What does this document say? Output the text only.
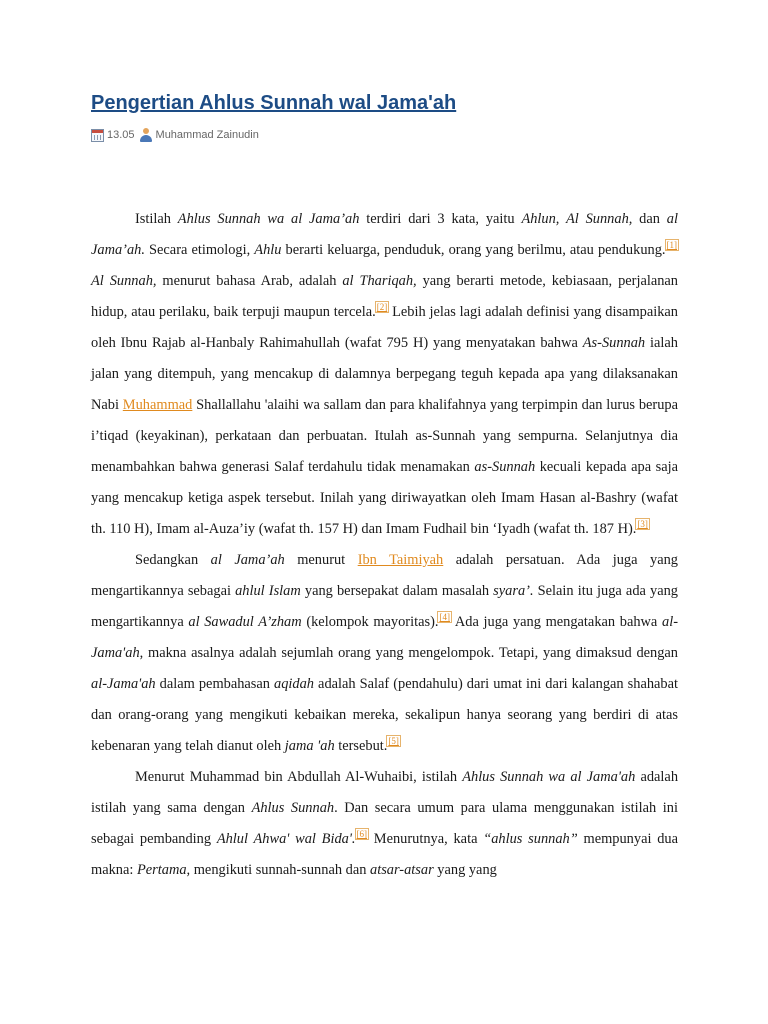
Pengertian Ahlus Sunnah wal Jama'ah
13.05 Muhammad Zainudin

Istilah Ahlus Sunnah wa al Jama’ah terdiri dari 3 kata, yaitu Ahlun, Al Sunnah, dan al Jama’ah. Secara etimologi, Ahlu berarti keluarga, penduduk, orang yang berilmu, atau pendukung.[1] Al Sunnah, menurut bahasa Arab, adalah al Thariqah, yang berarti metode, kebiasaan, perjalanan hidup, atau perilaku, baik terpuji maupun tercela.[2] Lebih jelas lagi adalah definisi yang disampaikan oleh Ibnu Rajab al-Hanbaly Rahimahullah (wafat 795 H) yang menyatakan bahwa As-Sunnah ialah jalan yang ditempuh, yang mencakup di dalamnya berpegang teguh kepada apa yang dilaksanakan Nabi Muhammad Shallallahu 'alaihi wa sallam dan para khalifahnya yang terpimpin dan lurus berupa i’tiqad (keyakinan), perkataan dan perbuatan. Itulah as-Sunnah yang sempurna. Selanjutnya dia menambahkan bahwa generasi Salaf terdahulu tidak menamakan as-Sunnah kecuali kepada apa saja yang mencakup ketiga aspek tersebut. Inilah yang diriwayatkan oleh Imam Hasan al-Bashry (wafat th. 110 H), Imam al-Auza’iy (wafat th. 157 H) dan Imam Fudhail bin ‘Iyadh (wafat th. 187 H).[3]

Sedangkan al Jama’ah menurut Ibn Taimiyah adalah persatuan. Ada juga yang mengartikannya sebagai ahlul Islam yang bersepakat dalam masalah syara’. Selain itu juga ada yang mengartikannya al Sawadul A’zham (kelompok mayoritas).[4] Ada juga yang mengatakan bahwa al-Jama'ah, makna asalnya adalah sejumlah orang yang mengelompok. Tetapi, yang dimaksud dengan al-Jama'ah dalam pembahasan aqidah adalah Salaf (pendahulu) dari umat ini dari kalangan shahabat dan orang-orang yang mengikuti kebaikan mereka, sekalipun hanya seorang yang berdiri di atas kebenaran yang telah dianut oleh jama 'ah tersebut.[5]

Menurut Muhammad bin Abdullah Al-Wuhaibi, istilah Ahlus Sunnah wa al Jama'ah adalah istilah yang sama dengan Ahlus Sunnah. Dan secara umum para ulama menggunakan istilah ini sebagai pembanding Ahlul Ahwa' wal Bida'.[6] Menurutnya, kata “ahlus sunnah” mempunyai dua makna: Pertama, mengikuti sunnah-sunnah dan atsar-atsar yang yang
